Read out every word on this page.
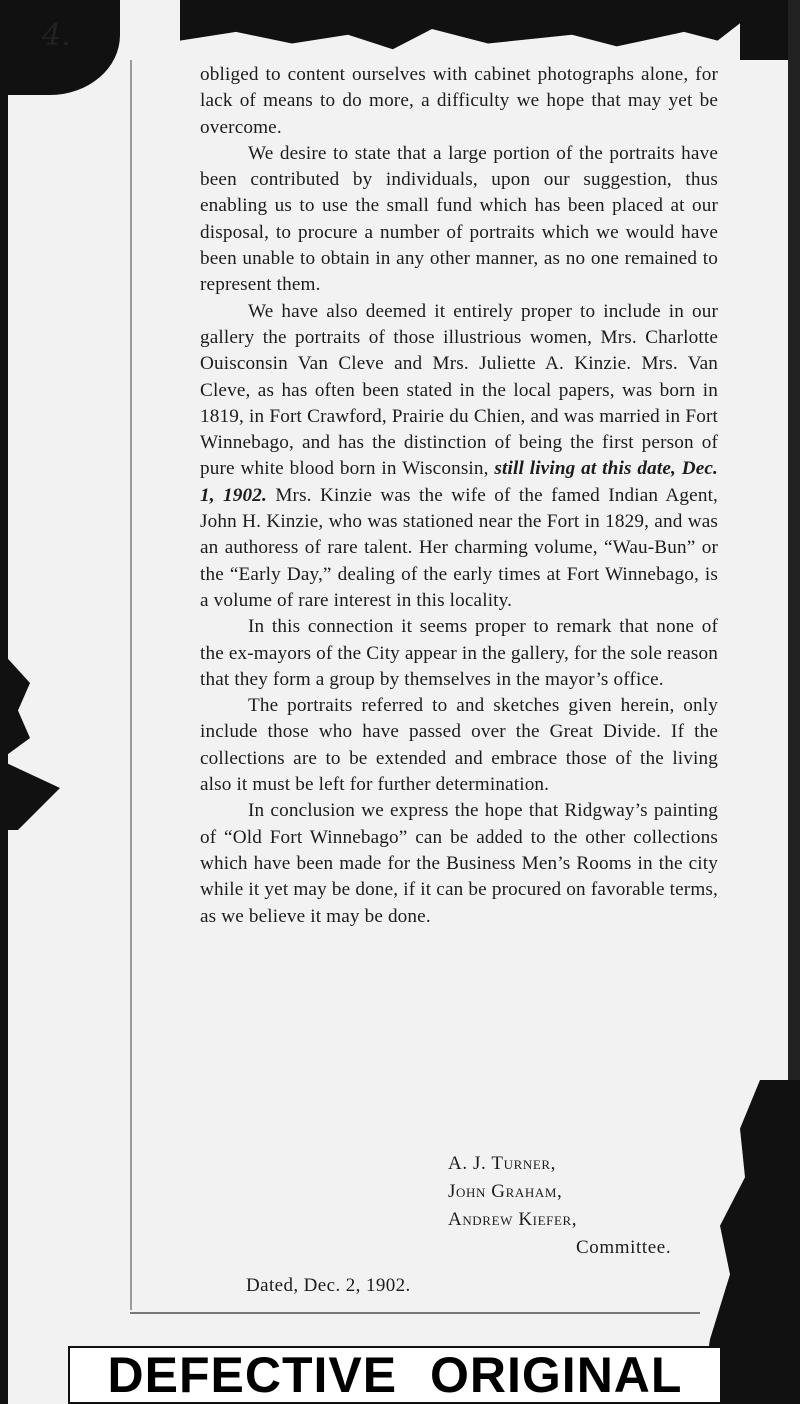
4.

obliged to content ourselves with cabinet photographs alone, for lack of means to do more, a difficulty we hope that may yet be overcome.

We desire to state that a large portion of the portraits have been contributed by individuals, upon our suggestion, thus enabling us to use the small fund which has been placed at our disposal, to procure a number of portraits which we would have been unable to obtain in any other manner, as no one remained to represent them.

We have also deemed it entirely proper to include in our gallery the portraits of those illustrious women, Mrs. Charlotte Ouisconsin Van Cleve and Mrs. Juliette A. Kinzie. Mrs. Van Cleve, as has often been stated in the local papers, was born in 1819, in Fort Crawford, Prairie du Chien, and was married in Fort Winnebago, and has the distinction of being the first person of pure white blood born in Wisconsin, still living at this date, Dec. 1, 1902. Mrs. Kinzie was the wife of the famed Indian Agent, John H. Kinzie, who was stationed near the Fort in 1829, and was an authoress of rare talent. Her charming volume, “Wau-Bun” or the “Early Day,” dealing of the early times at Fort Winnebago, is a volume of rare interest in this locality.

In this connection it seems proper to remark that none of the ex-mayors of the City appear in the gallery, for the sole reason that they form a group by themselves in the mayor’s office.

The portraits referred to and sketches given herein, only include those who have passed over the Great Divide. If the collections are to be extended and embrace those of the living also it must be left for further determination.

In conclusion we express the hope that Ridgway’s painting of “Old Fort Winnebago” can be added to the other collections which have been made for the Business Men’s Rooms in the city while it yet may be done, if it can be procured on favorable terms, as we believe it may be done.

A. J. Turner,
John Graham,
Andrew Kiefer,
Committee.
Dated, Dec. 2, 1902.
DEFECTIVE ORIGINAL
